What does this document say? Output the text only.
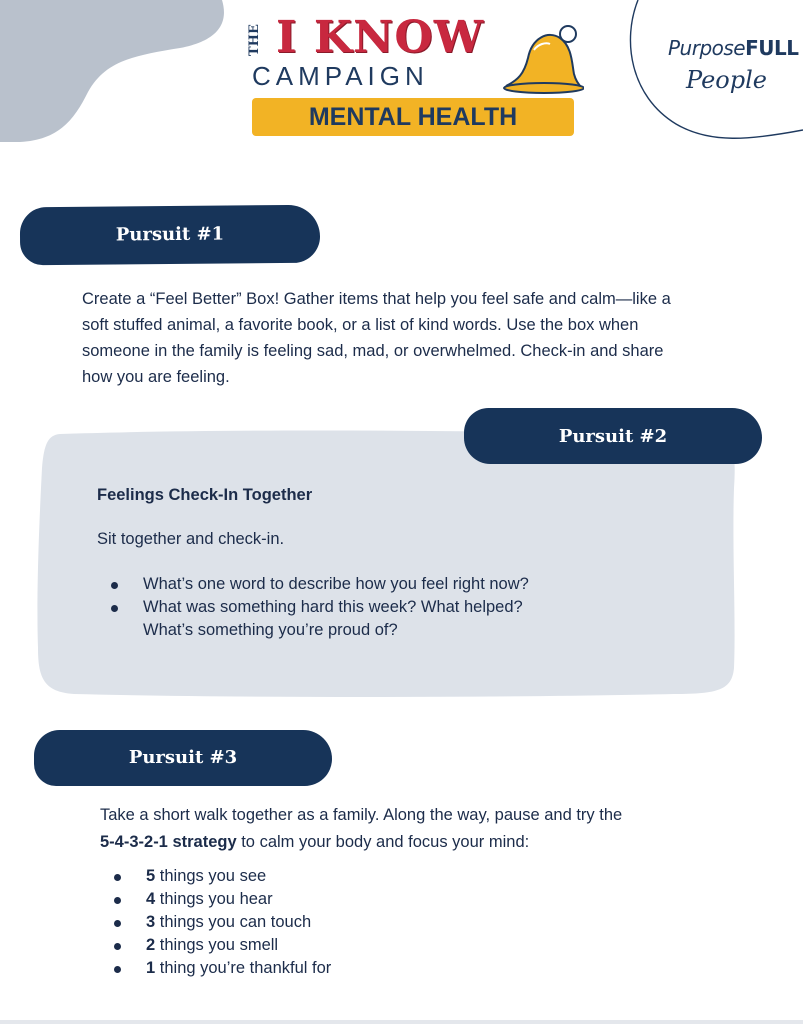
THE I KNOW
CAMPAIGN
MENTAL HEALTH
PurposeFULL
People
Pursuit #1
Create a “Feel Better” Box! Gather items that help you feel safe and calm—like a soft stuffed animal, a favorite book, or a list of kind words. Use the box when someone in the family is feeling sad, mad, or overwhelmed. Check-in and share how you are feeling.
Pursuit #2
Feelings Check-In Together
Sit together and check-in.
What’s one word to describe how you feel right now?
What was something hard this week? What helped?
What’s something you’re proud of?
Pursuit #3
Take a short walk together as a family. Along the way, pause and try the
5-4-3-2-1 strategy to calm your body and focus your mind:
5 things you see
4 things you hear
3 things you can touch
2 things you smell
1 thing you’re thankful for
